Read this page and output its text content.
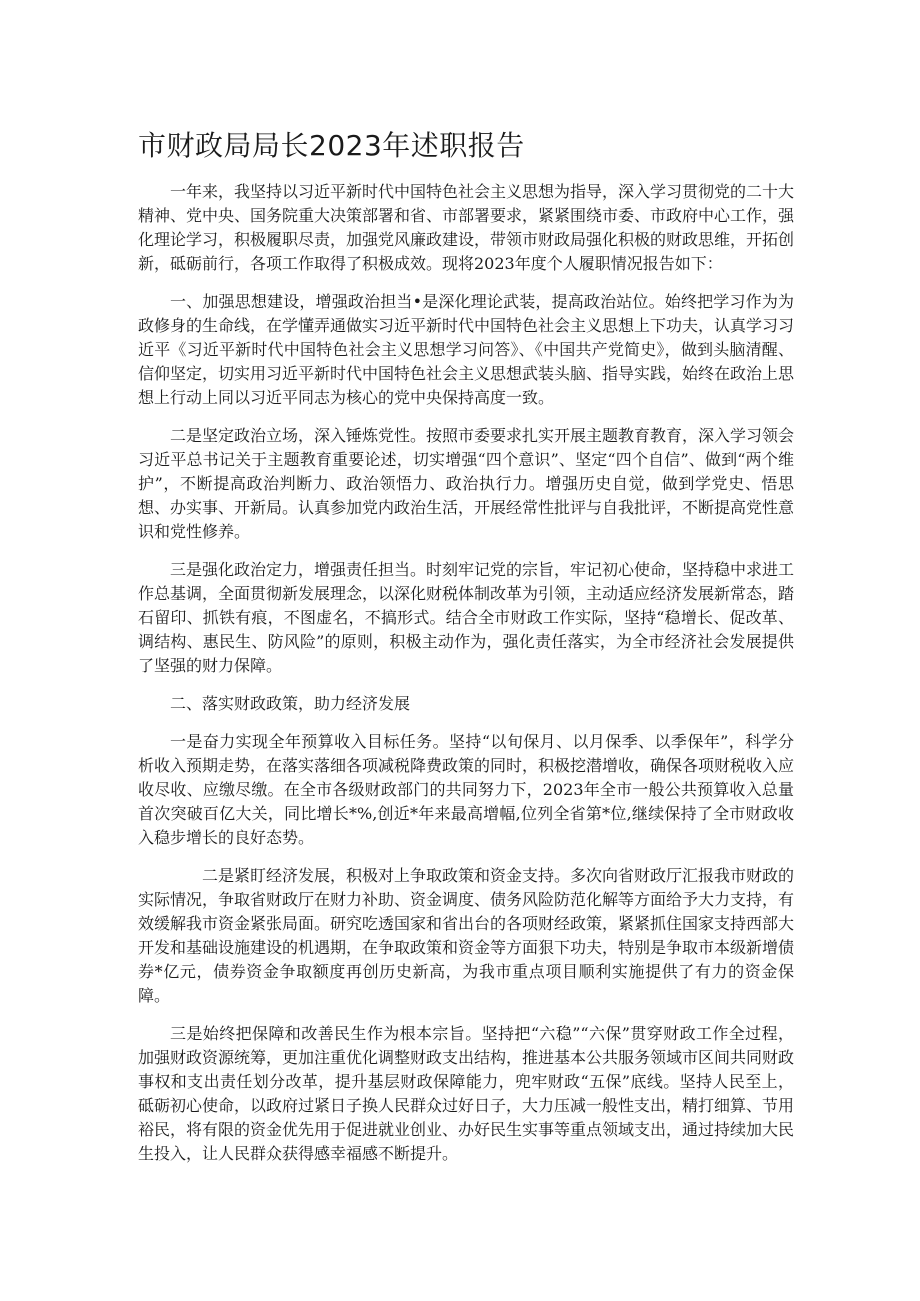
市财政局局长2023年述职报告

一年来，我坚持以习近平新时代中国特色社会主义思想为指导，深入学习贯彻党的二十大精神、党中央、国务院重大决策部署和省、市部署要求，紧紧围绕市委、市政府中心工作，强化理论学习，积极履职尽责，加强党风廉政建设，带领市财政局强化积极的财政思维，开拓创新，砥砺前行，各项工作取得了积极成效。现将2023年度个人履职情况报告如下：

一、加强思想建设，增强政治担当•是深化理论武装，提高政治站位。始终把学习作为为政修身的生命线，在学懂弄通做实习近平新时代中国特色社会主义思想上下功夫，认真学习习近平《习近平新时代中国特色社会主义思想学习问答》、《中国共产党简史》，做到头脑清醒、信仰坚定，切实用习近平新时代中国特色社会主义思想武装头脑、指导实践，始终在政治上思想上行动上同以习近平同志为核心的党中央保持高度一致。

二是坚定政治立场，深入锤炼党性。按照市委要求扎实开展主题教育教育，深入学习领会习近平总书记关于主题教育重要论述，切实增强“四个意识”、坚定“四个自信”、做到“两个维护”，不断提高政治判断力、政治领悟力、政治执行力。增强历史自觉，做到学党史、悟思想、办实事、开新局。认真参加党内政治生活，开展经常性批评与自我批评，不断提高党性意识和党性修养。

三是强化政治定力，增强责任担当。时刻牢记党的宗旨，牢记初心使命，坚持稳中求进工作总基调，全面贯彻新发展理念，以深化财税体制改革为引领，主动适应经济发展新常态，踏石留印、抓铁有痕，不图虚名，不搞形式。结合全市财政工作实际，坚持“稳增长、促改革、调结构、惠民生、防风险”的原则，积极主动作为，强化责任落实，为全市经济社会发展提供了坚强的财力保障。

二、落实财政政策，助力经济发展

一是奋力实现全年预算收入目标任务。坚持“以旬保月、以月保季、以季保年”，科学分析收入预期走势，在落实落细各项减税降费政策的同时，积极挖潜增收，确保各项财税收入应收尽收、应缴尽缴。在全市各级财政部门的共同努力下，2023年全市一般公共预算收入总量首次突破百亿大关，同比增长*%,创近*年来最高增幅,位列全省第*位,继续保持了全市财政收入稳步增长的良好态势。

二是紧盯经济发展，积极对上争取政策和资金支持。多次向省财政厅汇报我市财政的实际情况，争取省财政厅在财力补助、资金调度、债务风险防范化解等方面给予大力支持，有效缓解我市资金紧张局面。研究吃透国家和省出台的各项财经政策，紧紧抓住国家支持西部大开发和基础设施建设的机遇期，在争取政策和资金等方面狠下功夫，特别是争取市本级新增债券*亿元，债券资金争取额度再创历史新高，为我市重点项目顺利实施提供了有力的资金保障。

三是始终把保障和改善民生作为根本宗旨。坚持把“六稳”“六保”贯穿财政工作全过程，加强财政资源统筹，更加注重优化调整财政支出结构，推进基本公共服务领域市区间共同财政事权和支出责任划分改革，提升基层财政保障能力，兜牢财政“五保”底线。坚持人民至上，砥砺初心使命，以政府过紧日子换人民群众过好日子，大力压减一般性支出，精打细算、节用裕民，将有限的资金优先用于促进就业创业、办好民生实事等重点领域支出，通过持续加大民生投入，让人民群众获得感幸福感不断提升。
